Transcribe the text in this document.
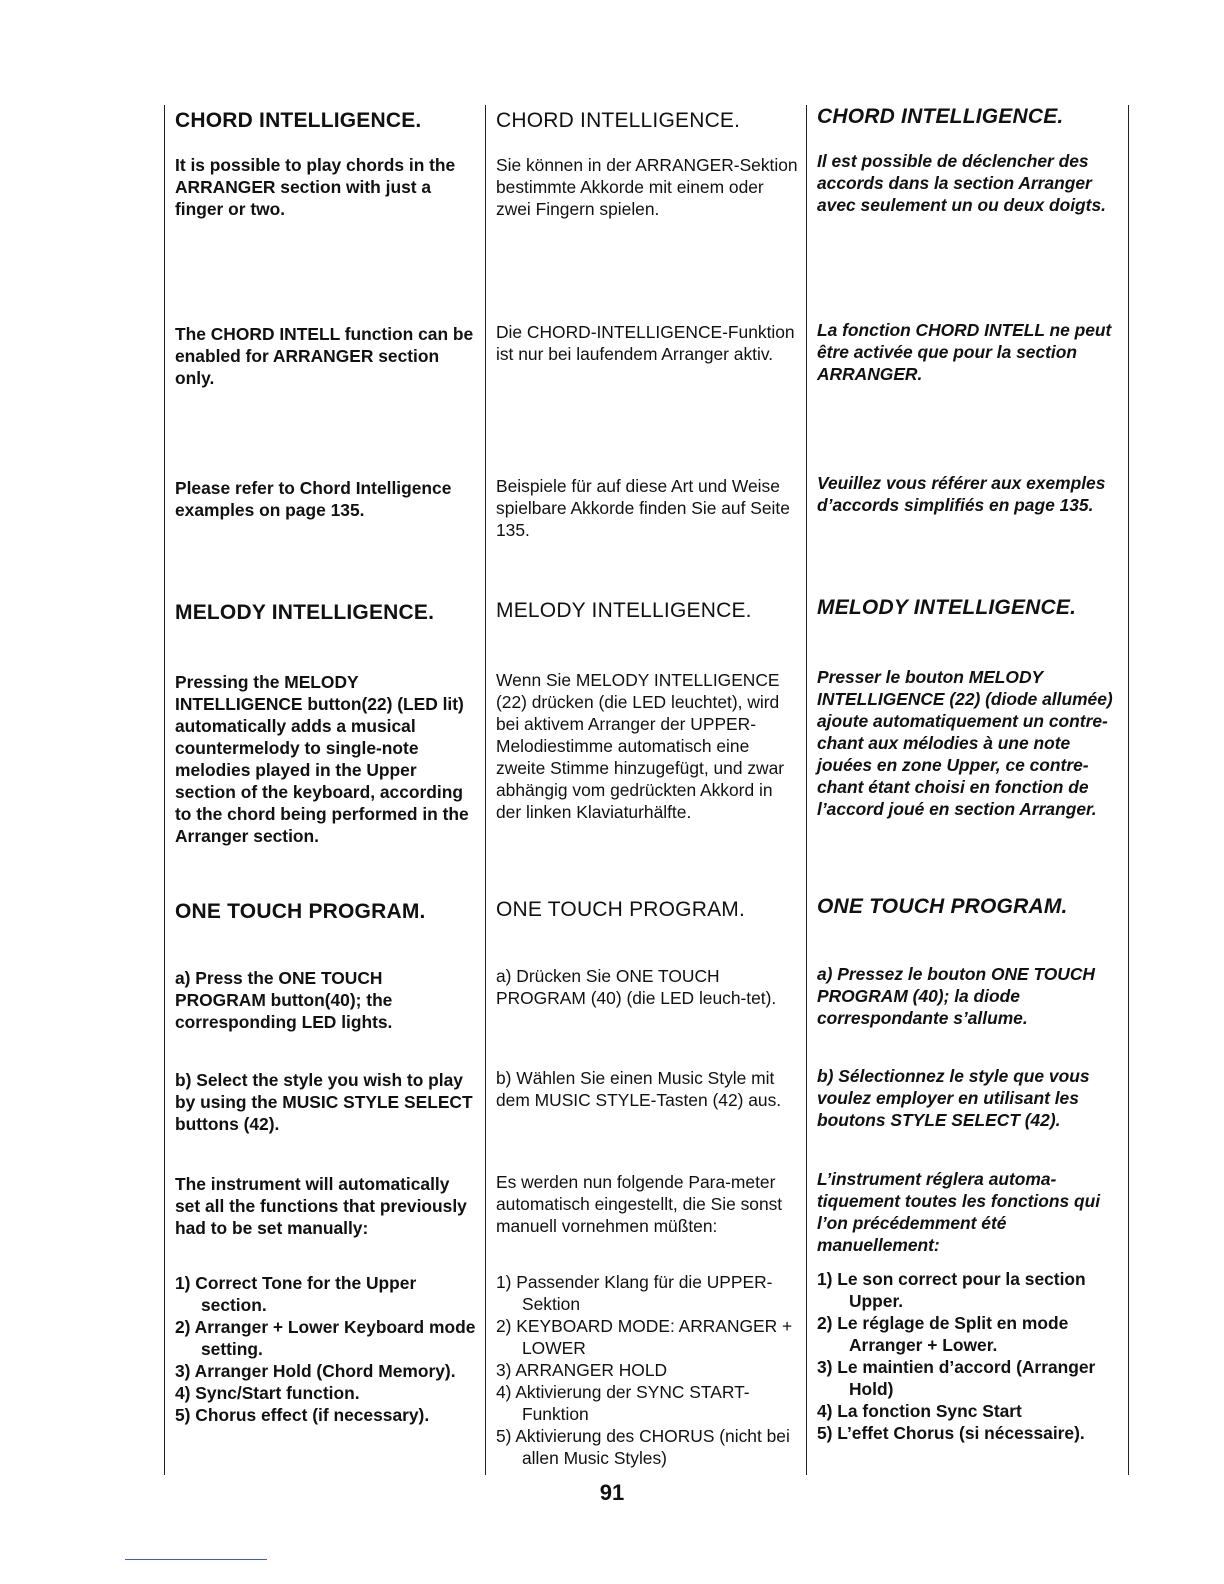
CHORD INTELLIGENCE.

It is possible to play chords in the ARRANGER section with just a finger or two.

The CHORD INTELL function can be enabled for ARRANGER section only.

Please refer to Chord Intelligence examples on page 135.

MELODY INTELLIGENCE.

Pressing the MELODY INTELLIGENCE button(22) (LED lit) automatically adds a musical countermelody to single-note melodies played in the Upper section of the keyboard, according to the chord being performed in the Arranger section.

ONE TOUCH PROGRAM.

a) Press the ONE TOUCH PROGRAM button(40); the corresponding LED lights.

b) Select the style you wish to play by using the MUSIC STYLE SELECT buttons (42).

The instrument will automatically set all the functions that previously had to be set manually:

1) Correct Tone for the Upper section.
2) Arranger + Lower Keyboard mode setting.
3) Arranger Hold (Chord Memory).
4) Sync/Start function.
5) Chorus effect (if necessary).
CHORD INTELLIGENCE.

Sie können in der ARRANGER-Sektion bestimmte Akkorde mit einem oder zwei Fingern spielen.

Die CHORD-INTELLIGENCE-Funktion ist nur bei laufendem Arranger aktiv.

Beispiele für auf diese Art und Weise spielbare Akkorde finden Sie auf Seite 135.

MELODY INTELLIGENCE.

Wenn Sie MELODY INTELLIGENCE (22) drücken (die LED leuchtet), wird bei aktivem Arranger der UPPER-Melodiestimme automatisch eine zweite Stimme hinzugefügt, und zwar abhängig vom gedrückten Akkord in der linken Klaviaturhälfte.

ONE TOUCH PROGRAM.

a) Drücken Sie ONE TOUCH PROGRAM (40) (die LED leuch-tet).

b) Wählen Sie einen Music Style mit dem MUSIC STYLE-Tasten (42) aus.

Es werden nun folgende Para-meter automatisch eingestellt, die Sie sonst manuell vornehmen müßten:

1) Passender Klang für die UPPER-Sektion
2) KEYBOARD MODE: ARRANGER + LOWER
3) ARRANGER HOLD
4) Aktivierung der SYNC START-Funktion
5) Aktivierung des CHORUS (nicht bei allen Music Styles)
CHORD INTELLIGENCE.

Il est possible de déclencher des accords dans la section Arranger avec seulement un ou deux doigts.

La fonction CHORD INTELL ne peut être activée que pour la section ARRANGER.

Veuillez vous référer aux exemples d’accords simplifiés en page 135.

MELODY INTELLIGENCE.

Presser le bouton MELODY INTELLIGENCE (22) (diode allumée) ajoute automatiquement un contre-chant aux mélodies à une note jouées en zone Upper, ce contre-chant étant choisi en fonction de l’accord joué en section Arranger.

ONE TOUCH PROGRAM.

a) Pressez le bouton ONE TOUCH PROGRAM (40); la diode correspondante s’allume.

b) Sélectionnez le style que vous voulez employer en utilisant les boutons STYLE SELECT (42).

L’instrument réglera automa-tiquement toutes les fonctions qui l’on précédemment été manuellement:

1) Le son correct pour la section Upper.
2) Le réglage de Split en mode Arranger + Lower.
3) Le maintien d’accord (Arranger Hold)
4) La fonction Sync Start
5) L’effet Chorus (si nécessaire).
91
